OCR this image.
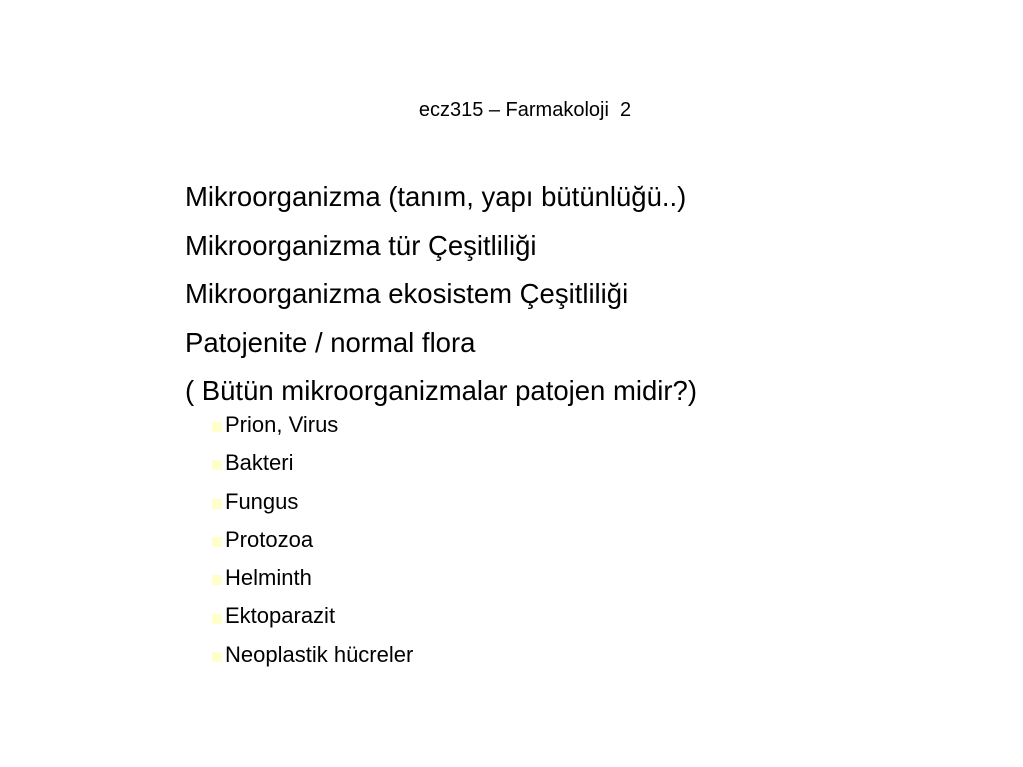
ecz315 – Farmakoloji  2
Mikroorganizma (tanım, yapı bütünlüğü..)
Mikroorganizma tür Çeşitliliği
Mikroorganizma ekosistem Çeşitliliği
Patojenite / normal flora
( Bütün mikroorganizmalar patojen midir?)
Prion, Virus
Bakteri
Fungus
Protozoa
Helminth
Ektoparazit
Neoplastik hücreler
